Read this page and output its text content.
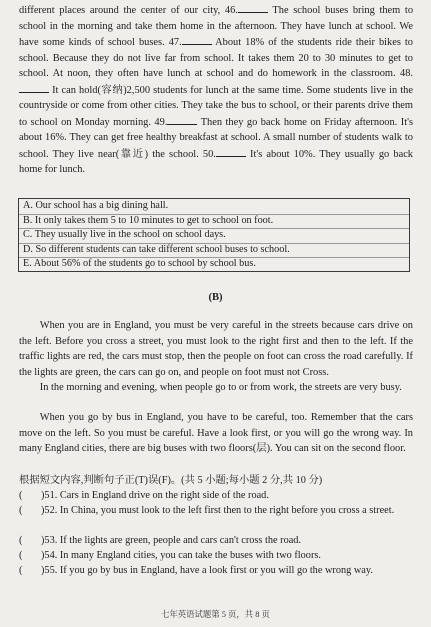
different places around the center of our city, 46.	The school buses bring them to school in the morning and take them home in the afternoon. They have lunch at school. We have some kinds of school buses. 47.	About 18% of the students ride their bikes to school. Because they do not live far from school. It takes them 20 to 30 minutes to get to school. At noon, they often have lunch at school and do homework in the classroom. 48. It can hold(容纳)2,500 students for lunch at the same time. Some students live in the countryside or come from other cities. They take the bus to school, or their parents drive them to school on Monday morning. 49.	Then they go back home on Friday afternoon. It's about 16%. They can get free healthy breakfast at school. A small number of students walk to school. They live near(靠近) the school. 50.	It's about 10%. They usually go back home for lunch.

A. Our school has a big dining hall.
B. It only takes them 5 to 10 minutes to get to school on foot.
C. They usually live in the school on school days.
D. So different students can take different school buses to school.
E. About 56% of the students go to school by school bus.
(B)

When you are in England, you must be very careful in the streets because cars drive on the left. Before you cross a street, you must look to the right first and then to the left. If the traffic lights are red, the cars must stop, then the people on foot can cross the road carefully. If the lights are green, the cars can go on, and people on foot must not Cross.

In the morning and evening, when people go to or from work, the streets are very busy.

When you go by bus in England, you have to be careful, too. Remember that the cars move on the left. So you must be careful. Have a look first, or you will go the wrong way. In many England cities, there are big buses with two floors(层). You can sit on the second floor.

根据短文内容,判断句子正(T)误(F)。(共 5 小题;每小题 2 分,共 10 分)
( )51. Cars in England drive on the right side of the road.
( )52. In China, you must look to the left first then to the right before you cross a street.
( )53. If the lights are green, people and cars can't cross the road.
( )54. In many England cities, you can take the buses with two floors.
( )55. If you go by bus in England, have a look first or you will go the wrong way.
七年英语试题第 5 页，共 8 页
